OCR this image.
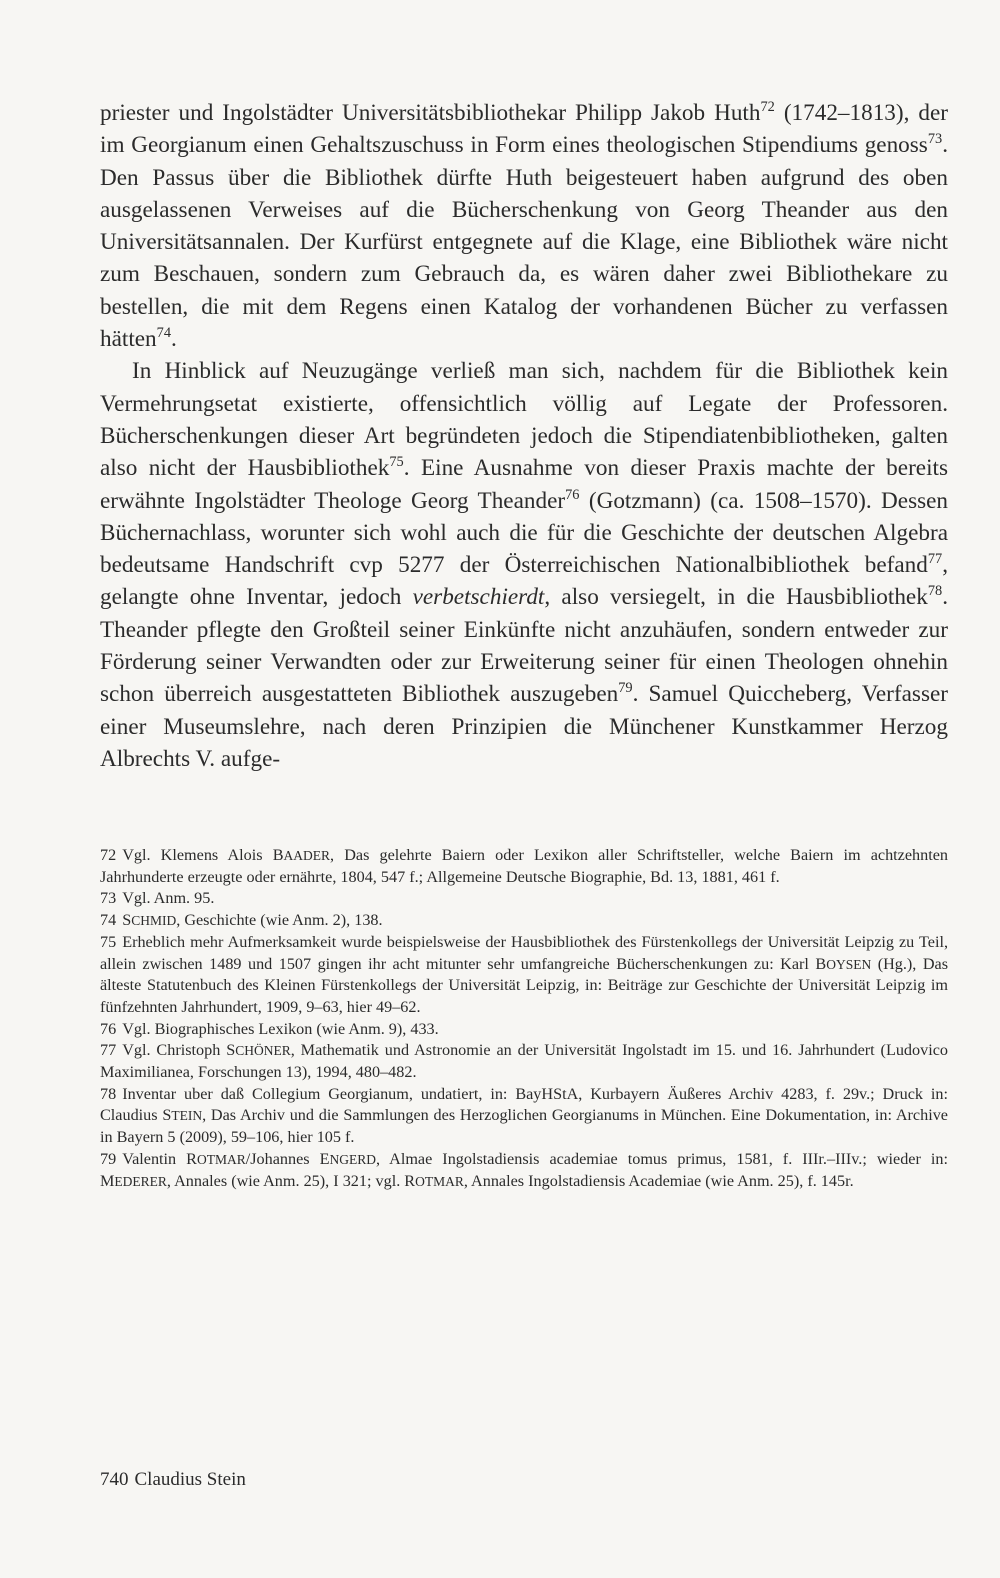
priester und Ingolstädter Universitätsbibliothekar Philipp Jakob Huth$^{72}$ (1742–1813), der im Georgianum einen Gehaltszuschuss in Form eines theologischen Stipendiums genoss$^{73}$. Den Passus über die Bibliothek dürfte Huth beigesteuert haben aufgrund des oben ausgelassenen Verweises auf die Bücherschenkung von Georg Theander aus den Universitätsannalen. Der Kurfürst entgegnete auf die Klage, eine Bibliothek wäre nicht zum Beschauen, sondern zum Gebrauch da, es wären daher zwei Bibliothekare zu bestellen, die mit dem Regens einen Katalog der vorhandenen Bücher zu verfassen hätten$^{74}$.

In Hinblick auf Neuzugänge verließ man sich, nachdem für die Bibliothek kein Vermehrungsetat existierte, offensichtlich völlig auf Legate der Professoren. Bücherschenkungen dieser Art begründeten jedoch die Stipendiatenbibliotheken, galten also nicht der Hausbibliothek$^{75}$. Eine Ausnahme von dieser Praxis machte der bereits erwähnte Ingolstädter Theologe Georg Theander$^{76}$ (Gotzmann) (ca. 1508–1570). Dessen Büchernachlass, worunter sich wohl auch die für die Geschichte der deutschen Algebra bedeutsame Handschrift cvp 5277 der Österreichischen Nationalbibliothek befand$^{77}$, gelangte ohne Inventar, jedoch verbetschierdt, also versiegelt, in die Hausbibliothek$^{78}$. Theander pflegte den Großteil seiner Einkünfte nicht anzuhäufen, sondern entweder zur Förderung seiner Verwandten oder zur Erweiterung seiner für einen Theologen ohnehin schon überreich ausgestatteten Bibliothek auszugeben$^{79}$. Samuel Quiccheberg, Verfasser einer Museumslehre, nach deren Prinzipien die Münchener Kunstkammer Herzog Albrechts V. aufge-

72 Vgl. Klemens Alois BAADER, Das gelehrte Baiern oder Lexikon aller Schriftsteller, welche Baiern im achtzehnten Jahrhunderte erzeugte oder ernährte, 1804, 547 f.; Allgemeine Deutsche Biographie, Bd. 13, 1881, 461 f.

73 Vgl. Anm. 95.

74 SCHMID, Geschichte (wie Anm. 2), 138.

75 Erheblich mehr Aufmerksamkeit wurde beispielsweise der Hausbibliothek des Fürstenkollegs der Universität Leipzig zu Teil, allein zwischen 1489 und 1507 gingen ihr acht mitunter sehr umfangreiche Bücherschenkungen zu: Karl BOYSEN (Hg.), Das älteste Statutenbuch des Kleinen Fürstenkollegs der Universität Leipzig, in: Beiträge zur Geschichte der Universität Leipzig im fünfzehnten Jahrhundert, 1909, 9–63, hier 49–62.

76 Vgl. Biographisches Lexikon (wie Anm. 9), 433.

77 Vgl. Christoph SCHÖNER, Mathematik und Astronomie an der Universität Ingolstadt im 15. und 16. Jahrhundert (Ludovico Maximilianea, Forschungen 13), 1994, 480–482.

78 Inventar uber daß Collegium Georgianum, undatiert, in: BayHStA, Kurbayern Äußeres Archiv 4283, f. 29v.; Druck in: Claudius STEIN, Das Archiv und die Sammlungen des Herzoglichen Georgianums in München. Eine Dokumentation, in: Archive in Bayern 5 (2009), 59–106, hier 105 f.

79 Valentin ROTMAR/Johannes ENGERD, Almae Ingolstadiensis academiae tomus primus, 1581, f. IIIr.–IIIv.; wieder in: MEDERER, Annales (wie Anm. 25), I 321; vgl. ROTMAR, Annales Ingolstadiensis Academiae (wie Anm. 25), f. 145r.

740 Claudius Stein
